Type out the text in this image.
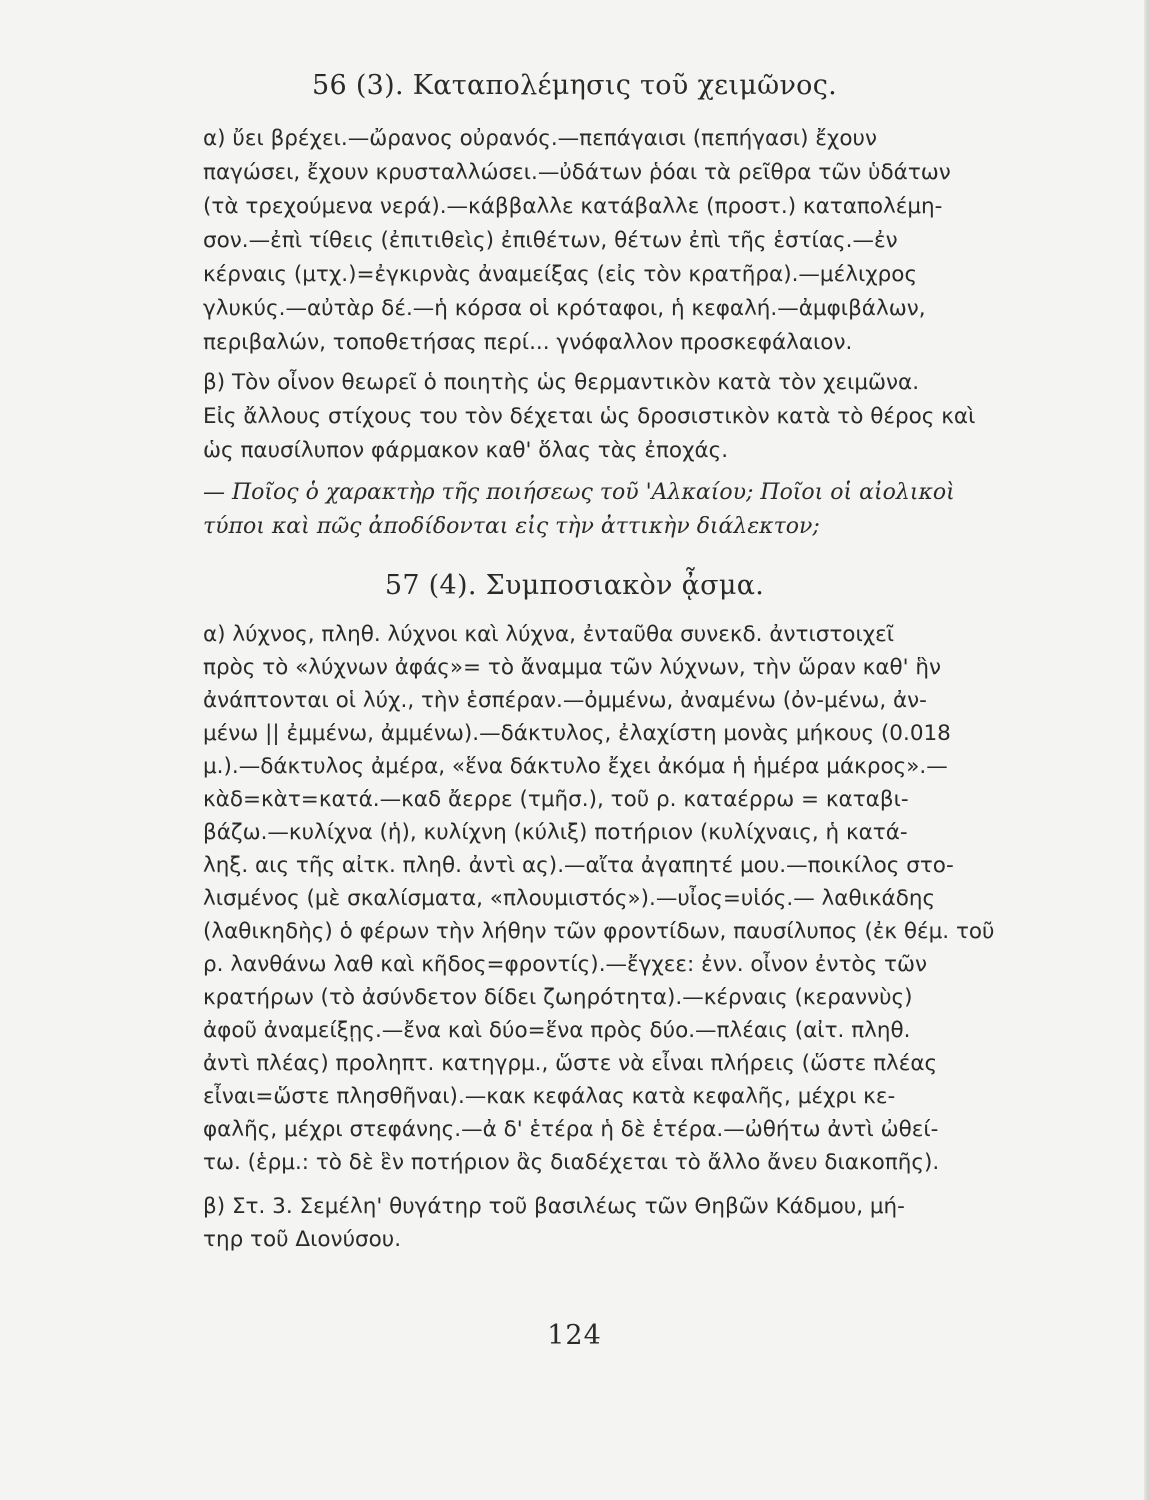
56 (3). Καταπολέμησις τοῦ χειμῶνος.
α) ὔει βρέχει.—ὤρανος οὐρανός.—πεπάγαισι (πεπήγασι) ἔχουν
παγώσει, ἔχουν κρυσταλλώσει.—ὐδάτων ῥόαι τὰ ρεῖθρα τῶν ὑδάτων
(τὰ τρεχούμενα νερά).—κάββαλλε κατάβαλλε (προστ.) καταπολέμη-
σον.—ἐπὶ τίθεις (ἐπιτιθεὶς) ἐπιθέτων, θέτων ἐπὶ τῆς ἑστίας.—ἐν
κέρναις (μτχ.)=ἐγκιρνὰς ἀναμείξας (εἰς τὸν κρατῆρα).—μέλιχρος
γλυκύς.—αὐτὰρ δέ.—ἡ κόρσα οἱ κρόταφοι, ἡ κεφαλή.—ἀμφιβάλων,
περιβαλών, τοποθετήσας περί... γνόφαλλον προσκεφάλαιον.
β) Τὸν οἶνον θεωρεῖ ὁ ποιητὴς ὡς θερμαντικὸν κατὰ τὸν χειμῶνα.
Εἰς ἄλλους στίχους του τὸν δέχεται ὡς δροσιστικὸν κατὰ τὸ θέρος καὶ
ὡς παυσίλυπον φάρμακον καθ' ὅλας τὰς ἐποχάς.
— Ποῖος ὁ χαρακτὴρ τῆς ποιήσεως τοῦ 'Αλκαίου; Ποῖοι οἱ αἰολικοὶ
τύποι καὶ πῶς ἀποδίδονται εἰς τὴν ἀττικὴν διάλεκτον;
57 (4). Συμποσιακὸν ᾆσμα.
α) λύχνος, πληθ. λύχνοι καὶ λύχνα, ἐνταῦθα συνεκδ. ἀντιστοιχεῖ
πρὸς τὸ «λύχνων ἀφάς»= τὸ ἄναμμα τῶν λύχνων, τὴν ὥραν καθ' ἣν
ἀνάπτονται οἱ λύχ., τὴν ἑσπέραν.—ὀμμένω, ἀναμένω (ὀν-μένω, ἀν-
μένω || ἐμμένω, ἀμμένω).—δάκτυλος, ἐλαχίστη μονὰς μήκους (0.018
μ.).—δάκτυλος ἀμέρα, «ἕνα δάκτυλο ἔχει ἀκόμα ἡ ἡμέρα μάκρος».—
κὰδ=κὰτ=κατά.—καδ ἄερρε (τμῆσ.), τοῦ ρ. καταέρρω = καταβι-
βάζω.—κυλίχνα (ἡ), κυλίχνη (κύλιξ) ποτήριον (κυλίχναις, ἡ κατά-
ληξ. αις τῆς αἰτκ. πληθ. ἀντὶ ας).—αἴτα ἀγαπητέ μου.—ποικίλος στο-
λισμένος (μὲ σκαλίσματα, «πλουμιστός»).—υἶος=υἱός.— λαθικάδης
(λαθικηδὴς) ὁ φέρων τὴν λήθην τῶν φροντίδων, παυσίλυπος (ἐκ θέμ. τοῦ
ρ. λανθάνω λαθ καὶ κῆδος=φροντίς).—ἔγχεε: ἐνν. οἶνον ἐντὸς τῶν
κρατήρων (τὸ ἀσύνδετον δίδει ζωηρότητα).—κέρναις (κεραννὺς)
ἀφοῦ ἀναμείξῃς.—ἔνα καὶ δύο=ἕνα πρὸς δύο.—πλέαις (αἰτ. πληθ.
ἀντὶ πλέας) προληπτ. κατηγρμ., ὥστε νὰ εἶναι πλήρεις (ὥστε πλέας
εἶναι=ὥστε πλησθῆναι).—κακ κεφάλας κατὰ κεφαλῆς, μέχρι κε-
φαλῆς, μέχρι στεφάνης.—ἀ δ' ἑτέρα ἡ δὲ ἑτέρα.—ὠθήτω ἀντὶ ὠθεί-
τω. (ἑρμ.: τὸ δὲ ἓν ποτήριον ἂς διαδέχεται τὸ ἄλλο ἄνευ διακοπῆς).
β) Στ. 3. Σεμέλη' θυγάτηρ τοῦ βασιλέως τῶν Θηβῶν Κάδμου, μή-
τηρ τοῦ Διονύσου.
124
